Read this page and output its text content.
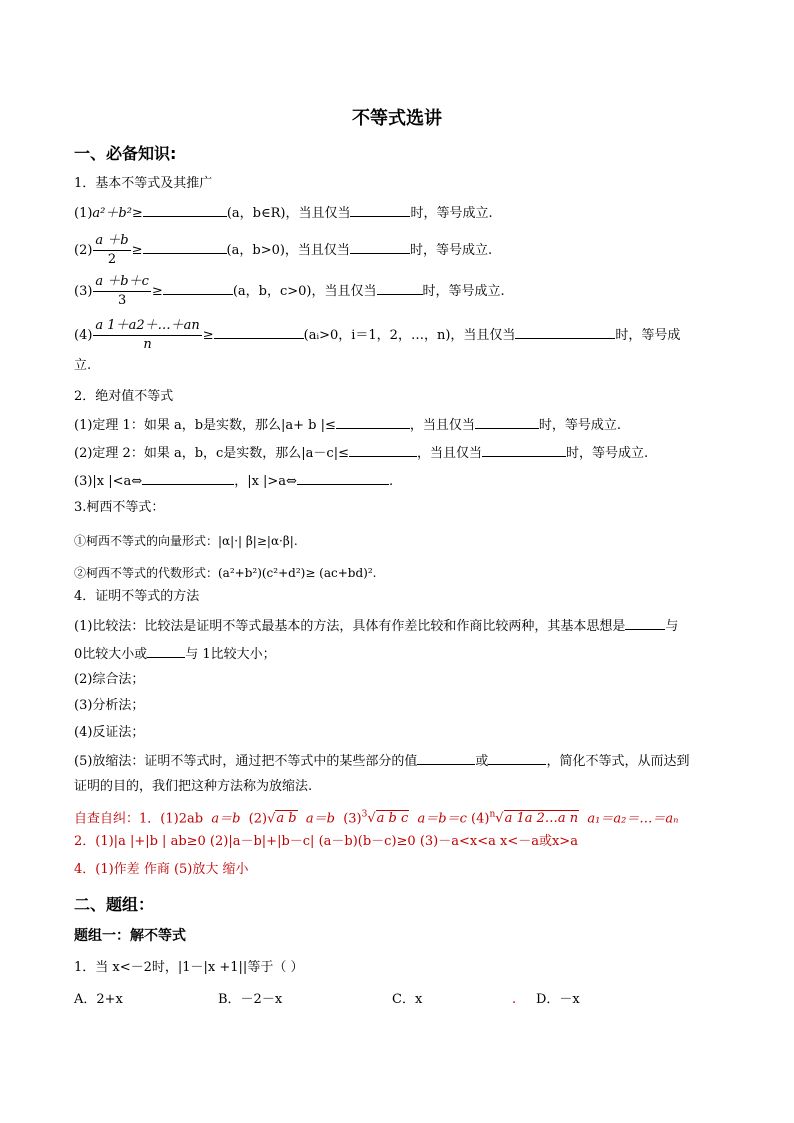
不等式选讲
一、必备知识:
1．基本不等式及其推广
(1)a²＋b²≥	(a，b∈R)，当且仅当	时，等号成立.
$(2) \frac{a +b}{2}$ ≥	(a，b>0)，当且仅当	时，等号成立.
$(3) \frac{a +b+c}{3}$ ≥	(a，b，c>0)，当且仅当	时，等号成立.
$(4) \frac{a 1+a2+\dots+an}{n}$ ≥	(aᵢ>0，i＝1，2，…，n)，当且仅当	时，等号成
立.
2．绝对值不等式
(1)定理 1：如果 a，b是实数，那么|a+ b |≤	，当且仅当	时，等号成立.
(2)定理 2：如果 a，b，c是实数，那么|a－c|≤	，当且仅当	时，等号成立.
(3)|x |<a⇔	，|x |>a⇔	.
3.柯西不等式：
①柯西不等式的向量形式：|α|·| β|≥|α·β|.
②柯西不等式的代数形式：(a²+b²)(c²+d²)≥ (ac+bd)².
4．证明不等式的方法
(1)比较法：比较法是证明不等式最基本的方法，具体有作差比较和作商比较两种，其基本思想是	与
0比较大小或	与 1比较大小；
(2)综合法；
(3)分析法；
(4)反证法；
(5)放缩法：证明不等式时，通过把不等式中的某些部分的值	或	，简化不等式，从而达到
证明的目的，我们把这种方法称为放缩法.
自查自纠：1．(1)2ab a＝b (2)√a b a＝b $(3)^3√a$ b c a＝b＝c $(4)^n√a$ 1a 2…a n a₁＝a₂＝…＝aₙ
2．(1)|a |+|b | ab≥0 (2)|a－b|+|b－c| (a－b)(b－c)≥0 (3)－a<x<a x<－a或x>a
4．(1)作差 作商 (5)放大 缩小
二、题组：
题组一：解不等式
1．当 x<－2时，|1－|x +1||等于（ ）
A．2+x	B．－2－x	C．x	. D．－x
